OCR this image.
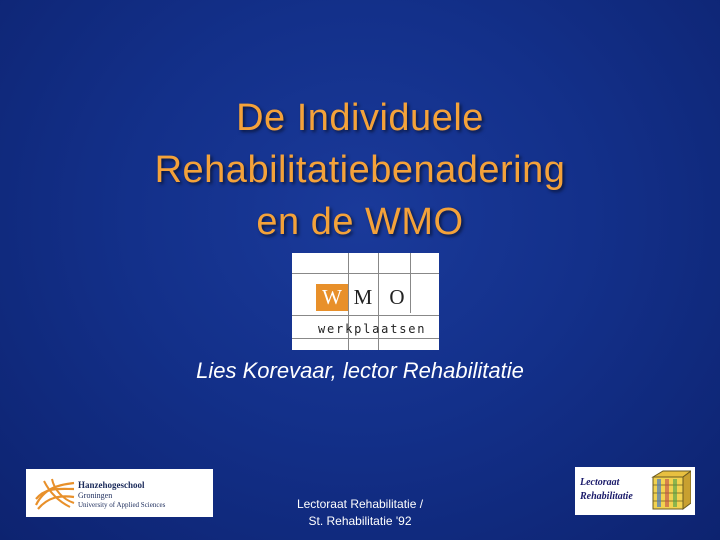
De Individuele
Rehabilitatiebenadering
en de WMO
W M O
werkplaatsen
Lies Korevaar, lector Rehabilitatie
Hanzehogeschool
Groningen
University of Applied Sciences	Lectoraat Rehabilitatie /
St. Rehabilitatie '92
Lectoraat
Rehabilitatie
